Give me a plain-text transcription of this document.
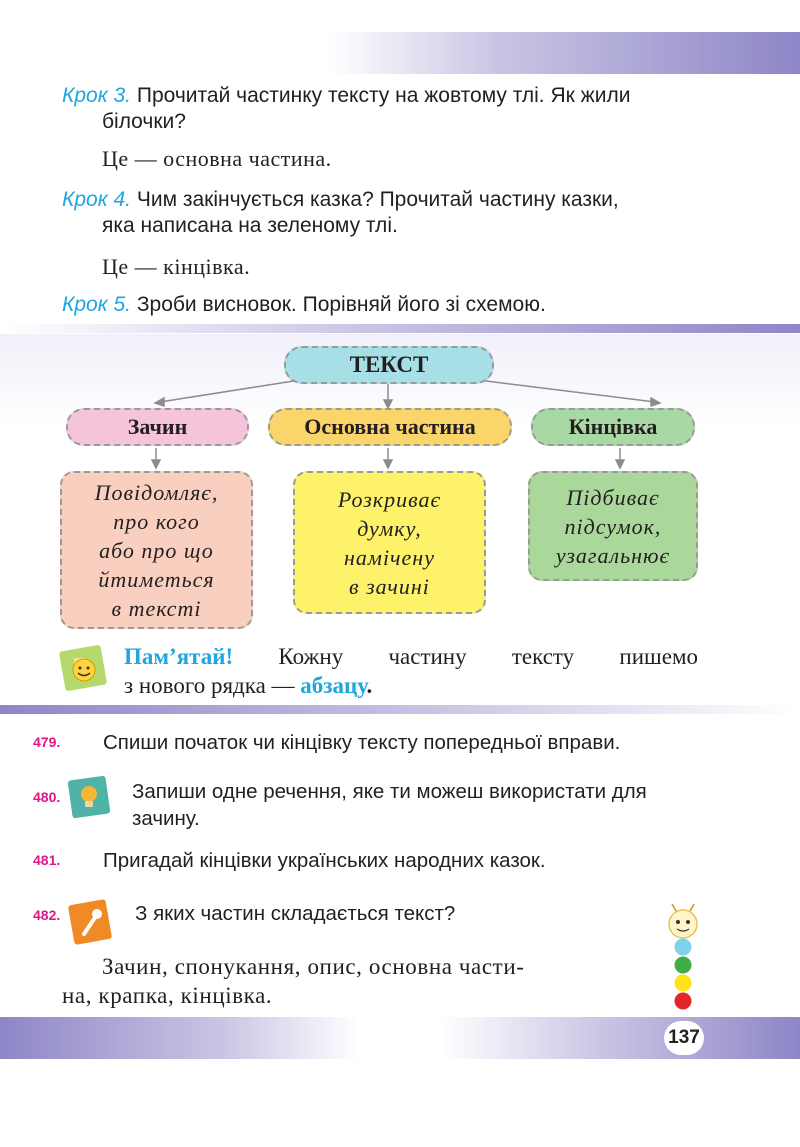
Крок 3. Прочитай частинку тексту на жовтому тлі. Як жили
білочки?
Це — основна частина.
Крок 4. Чим закінчується казка? Прочитай частину казки,
яка написана на зеленому тлі.
Це — кінцівка.
Крок 5. Зроби висновок. Порівняй його зі схемою.
ТЕКСТ
Зачин	Основна частина	Кінцівка
Повідомляє,
про кого
або про що
йтиметься
в тексті
Розкриває
думку,
намічену
в зачині
Підбиває
підсумок,
узагальнює
Пам’ятай! Кожну частину тексту пишемо
з нового рядка — абзацу.
479. Спиши початок чи кінцівку тексту попередньої вправи.
480.	Запиши одне речення, яке ти можеш використати для
зачину.
481. Пригадай кінцівки українських народних казок.
482.	З яких частин складається текст?
Зачин, спонукання, опис, основна части-
на, крапка, кінцівка.
137
